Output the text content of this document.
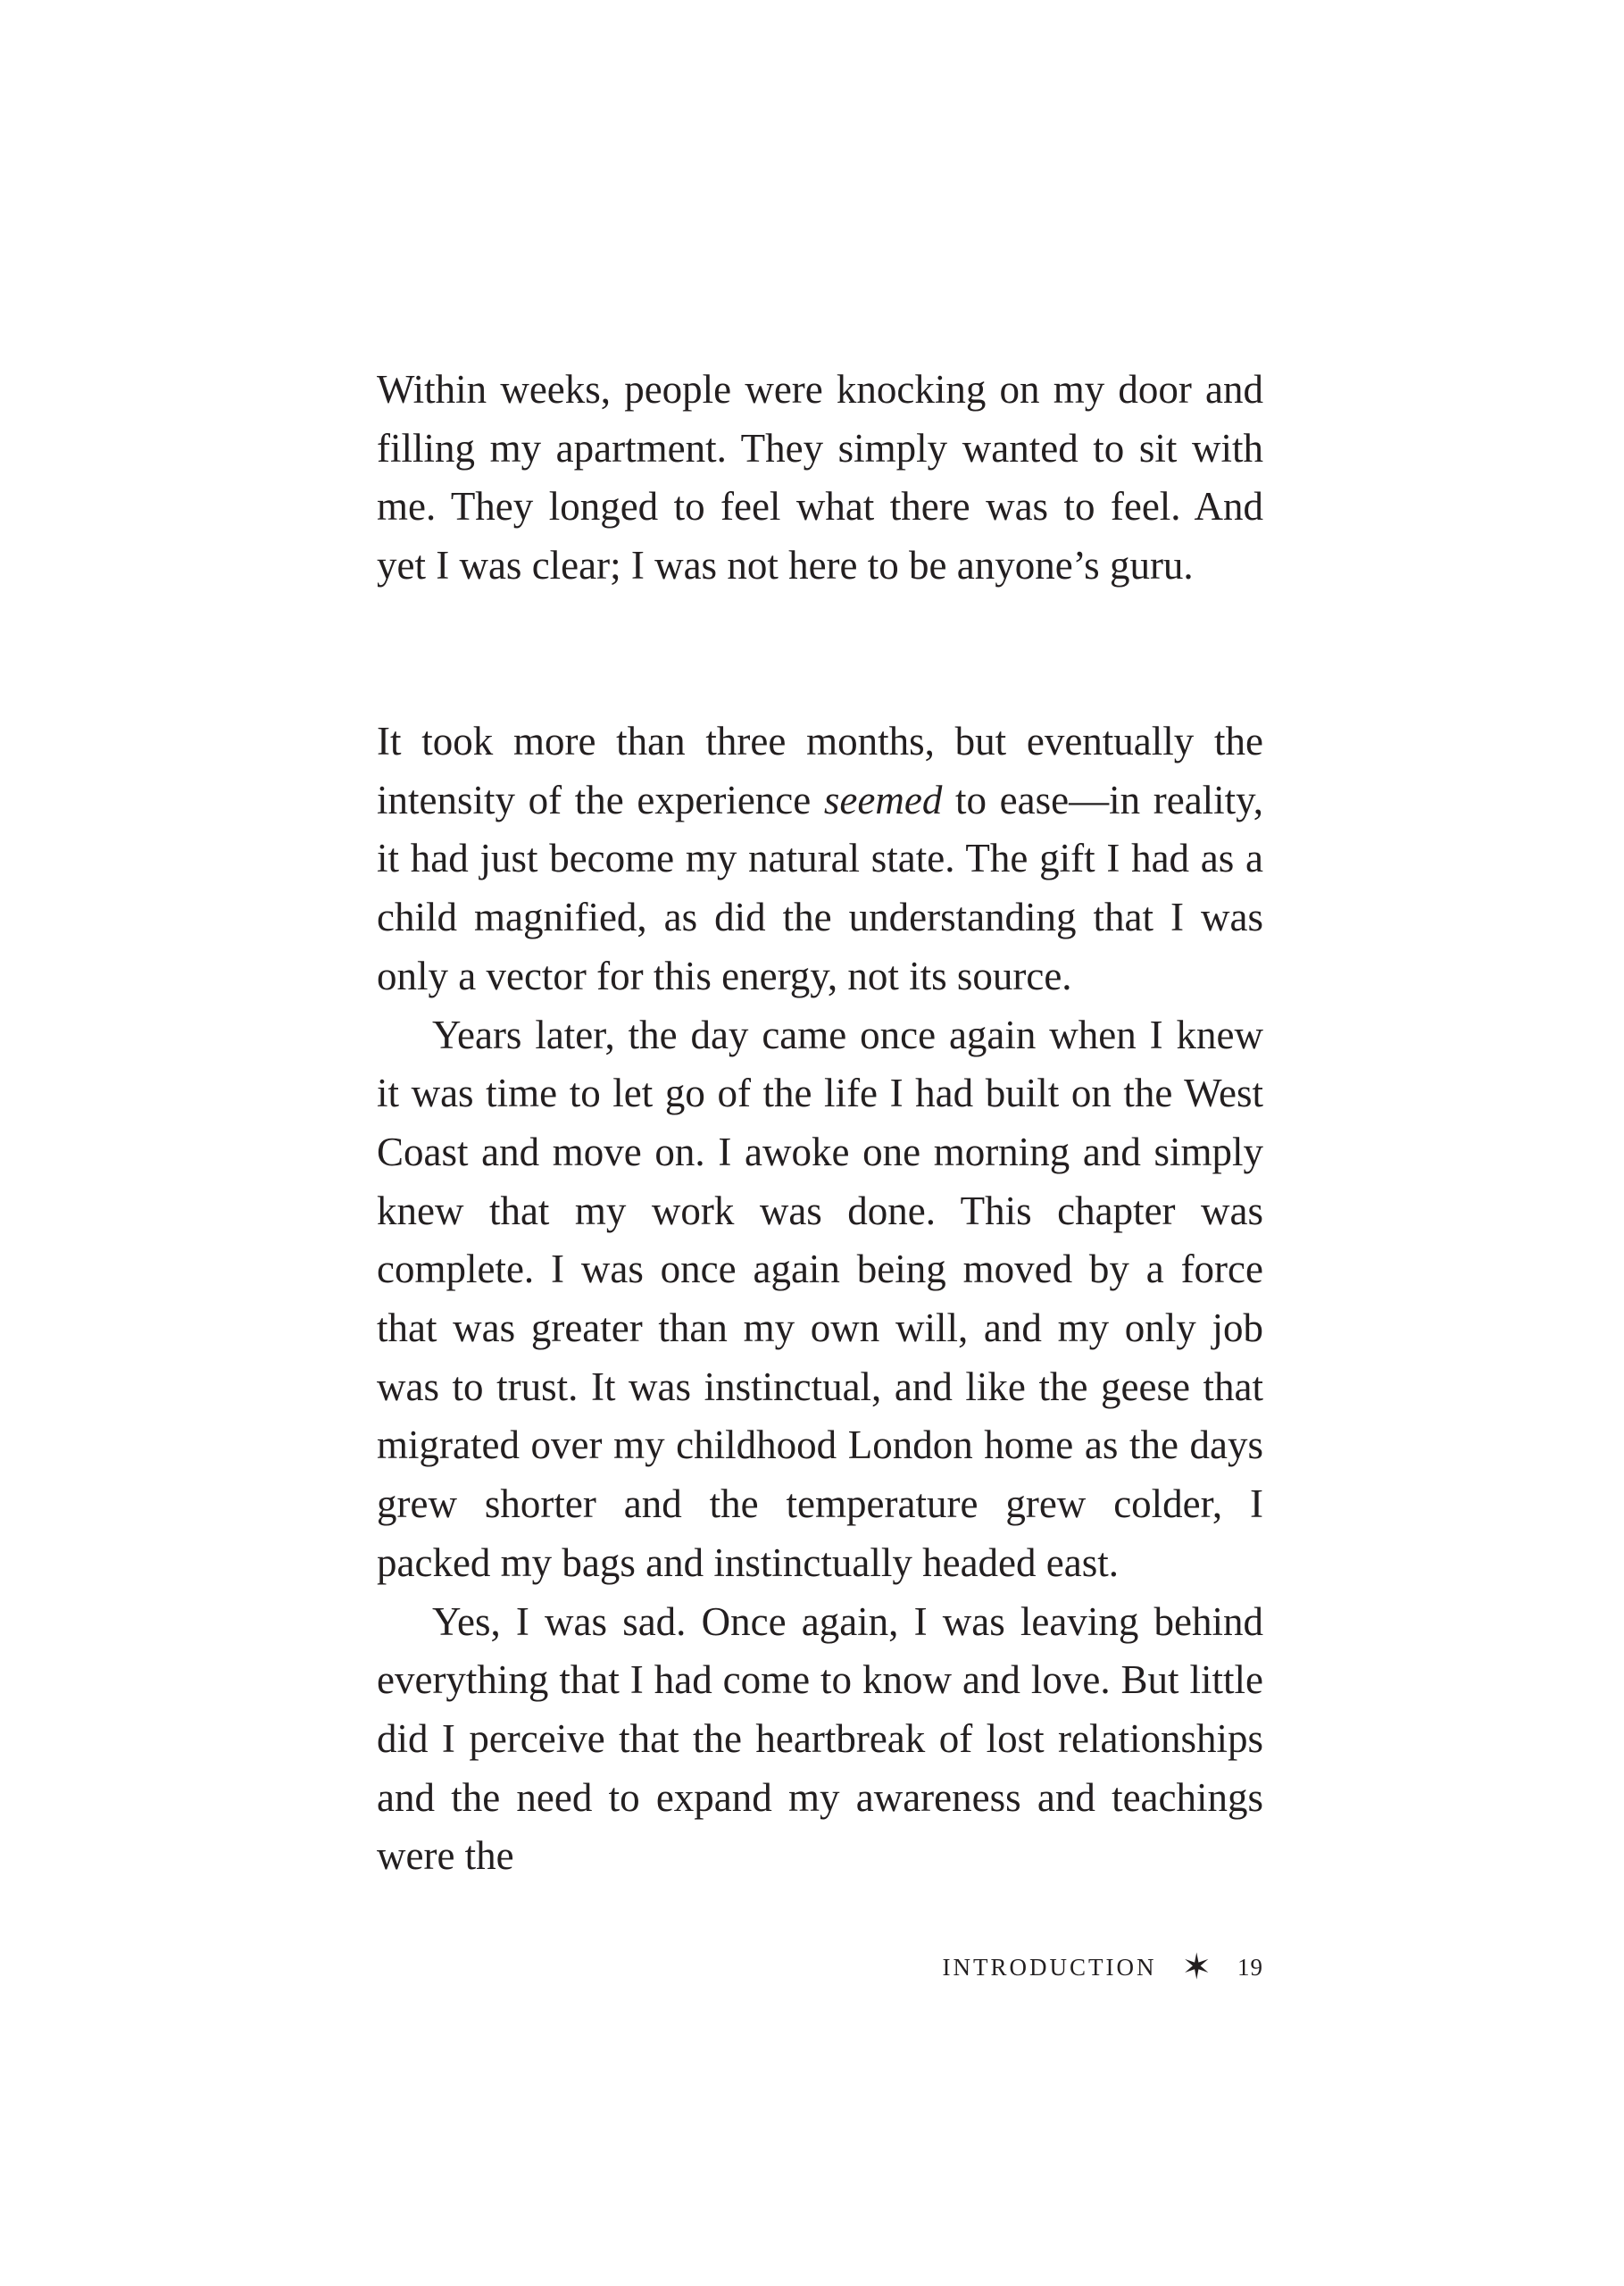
Within weeks, people were knocking on my door and filling my apartment. They simply wanted to sit with me. They longed to feel what there was to feel. And yet I was clear; I was not here to be anyone’s guru.

It took more than three months, but eventually the intensity of the experience seemed to ease—in reality, it had just become my natural state. The gift I had as a child magnified, as did the understanding that I was only a vector for this energy, not its source.

Years later, the day came once again when I knew it was time to let go of the life I had built on the West Coast and move on. I awoke one morning and simply knew that my work was done. This chapter was complete. I was once again being moved by a force that was greater than my own will, and my only job was to trust. It was instinctual, and like the geese that migrated over my childhood London home as the days grew shorter and the temperature grew colder, I packed my bags and instinctually headed east.

Yes, I was sad. Once again, I was leaving behind everything that I had come to know and love. But little did I perceive that the heartbreak of lost relationships and the need to expand my awareness and teachings were the

INTRODUCTION ✶ 19
